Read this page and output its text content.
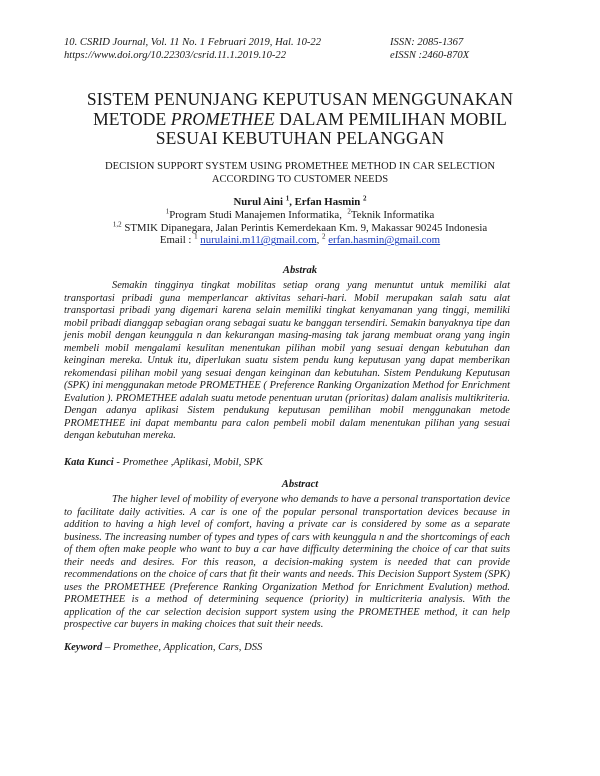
10. CSRID Journal, Vol. 11 No. 1 Februari 2019, Hal. 10-22	ISSN: 2085-1367
https://www.doi.org/10.22303/csrid.11.1.2019.10-22	eISSN :2460-870X
SISTEM PENUNJANG KEPUTUSAN MENGGUNAKAN
METODE PROMETHEE DALAM PEMILIHAN MOBIL
SESUAI KEBUTUHAN PELANGGAN
DECISION SUPPORT SYSTEM USING PROMETHEE METHOD IN CAR SELECTION
ACCORDING TO CUSTOMER NEEDS
Nurul Aini $^1$, Erfan Hasmin $^2$
$^1$Program Studi Manajemen Informatika, $^2$Teknik Informatika
$^{1,2}$ STMIK Dipanegara, Jalan Perintis Kemerdekaan Km. 9, Makassar 90245 Indonesia
Email : $^1$ nurulaini.m11@gmail.com, $^2$ erfan.hasmin@gmail.com
Abstrak

Semakin tingginya tingkat mobilitas setiap orang yang menuntut untuk memiliki alat transportasi pribadi guna memperlancar aktivitas sehari-hari. Mobil merupakan salah satu alat transportasi pribadi yang digemari karena selain memiliki tingkat kenyamanan yang tinggi, memiliki mobil pribadi dianggap sebagian orang sebagai suatu ke banggan tersendiri. Semakin banyaknya tipe dan jenis mobil dengan keunggula n dan kekurangan masing-masing tak jarang membuat orang yang ingin membeli mobil mengalami kesulitan menentukan pilihan mobil yang sesuai dengan kebutuhan dan keinginan mereka. Untuk itu, diperlukan suatu sistem pendu kung keputusan yang dapat memberikan rekomendasi pilihan mobil yang sesuai dengan keinginan dan kebutuhan. Sistem Pendukung Keputusan (SPK) ini menggunakan metode PROMETHEE ( Preference Ranking Organization Method for Enrichment Evalution ). PROMETHEE adalah suatu metode penentuan urutan (prioritas) dalam analisis multikriteria. Dengan adanya aplikasi Sistem pendukung keputusan pemilihan mobil menggunakan metode PROMETHEE ini dapat membantu para calon pembeli mobil dalam menentukan pilihan yang sesuai dengan kebutuhan mereka.

Kata Kunci - Promethee ,Aplikasi, Mobil, SPK
Abstract

The higher level of mobility of everyone who demands to have a personal transportation device to facilitate daily activities. A car is one of the popular personal transportation devices because in addition to having a high level of comfort, having a private car is considered by some as a separate business. The increasing number of types and types of cars with keunggula n and the shortcomings of each of them often make people who want to buy a car have difficulty determining the choice of car that suits their needs and desires. For this reason, a decision-making system is needed that can provide recommendations on the choice of cars that fit their wants and needs. This Decision Support System (SPK) uses the PROMETHEE (Preference Ranking Organization Method for Enrichment Evalution) method. PROMETHEE is a method of determining sequence (priority) in multicriteria analysis. With the application of the car selection decision support system using the PROMETHEE method, it can help prospective car buyers in making choices that suit their needs.

Keyword – Promethee, Application, Cars, DSS
